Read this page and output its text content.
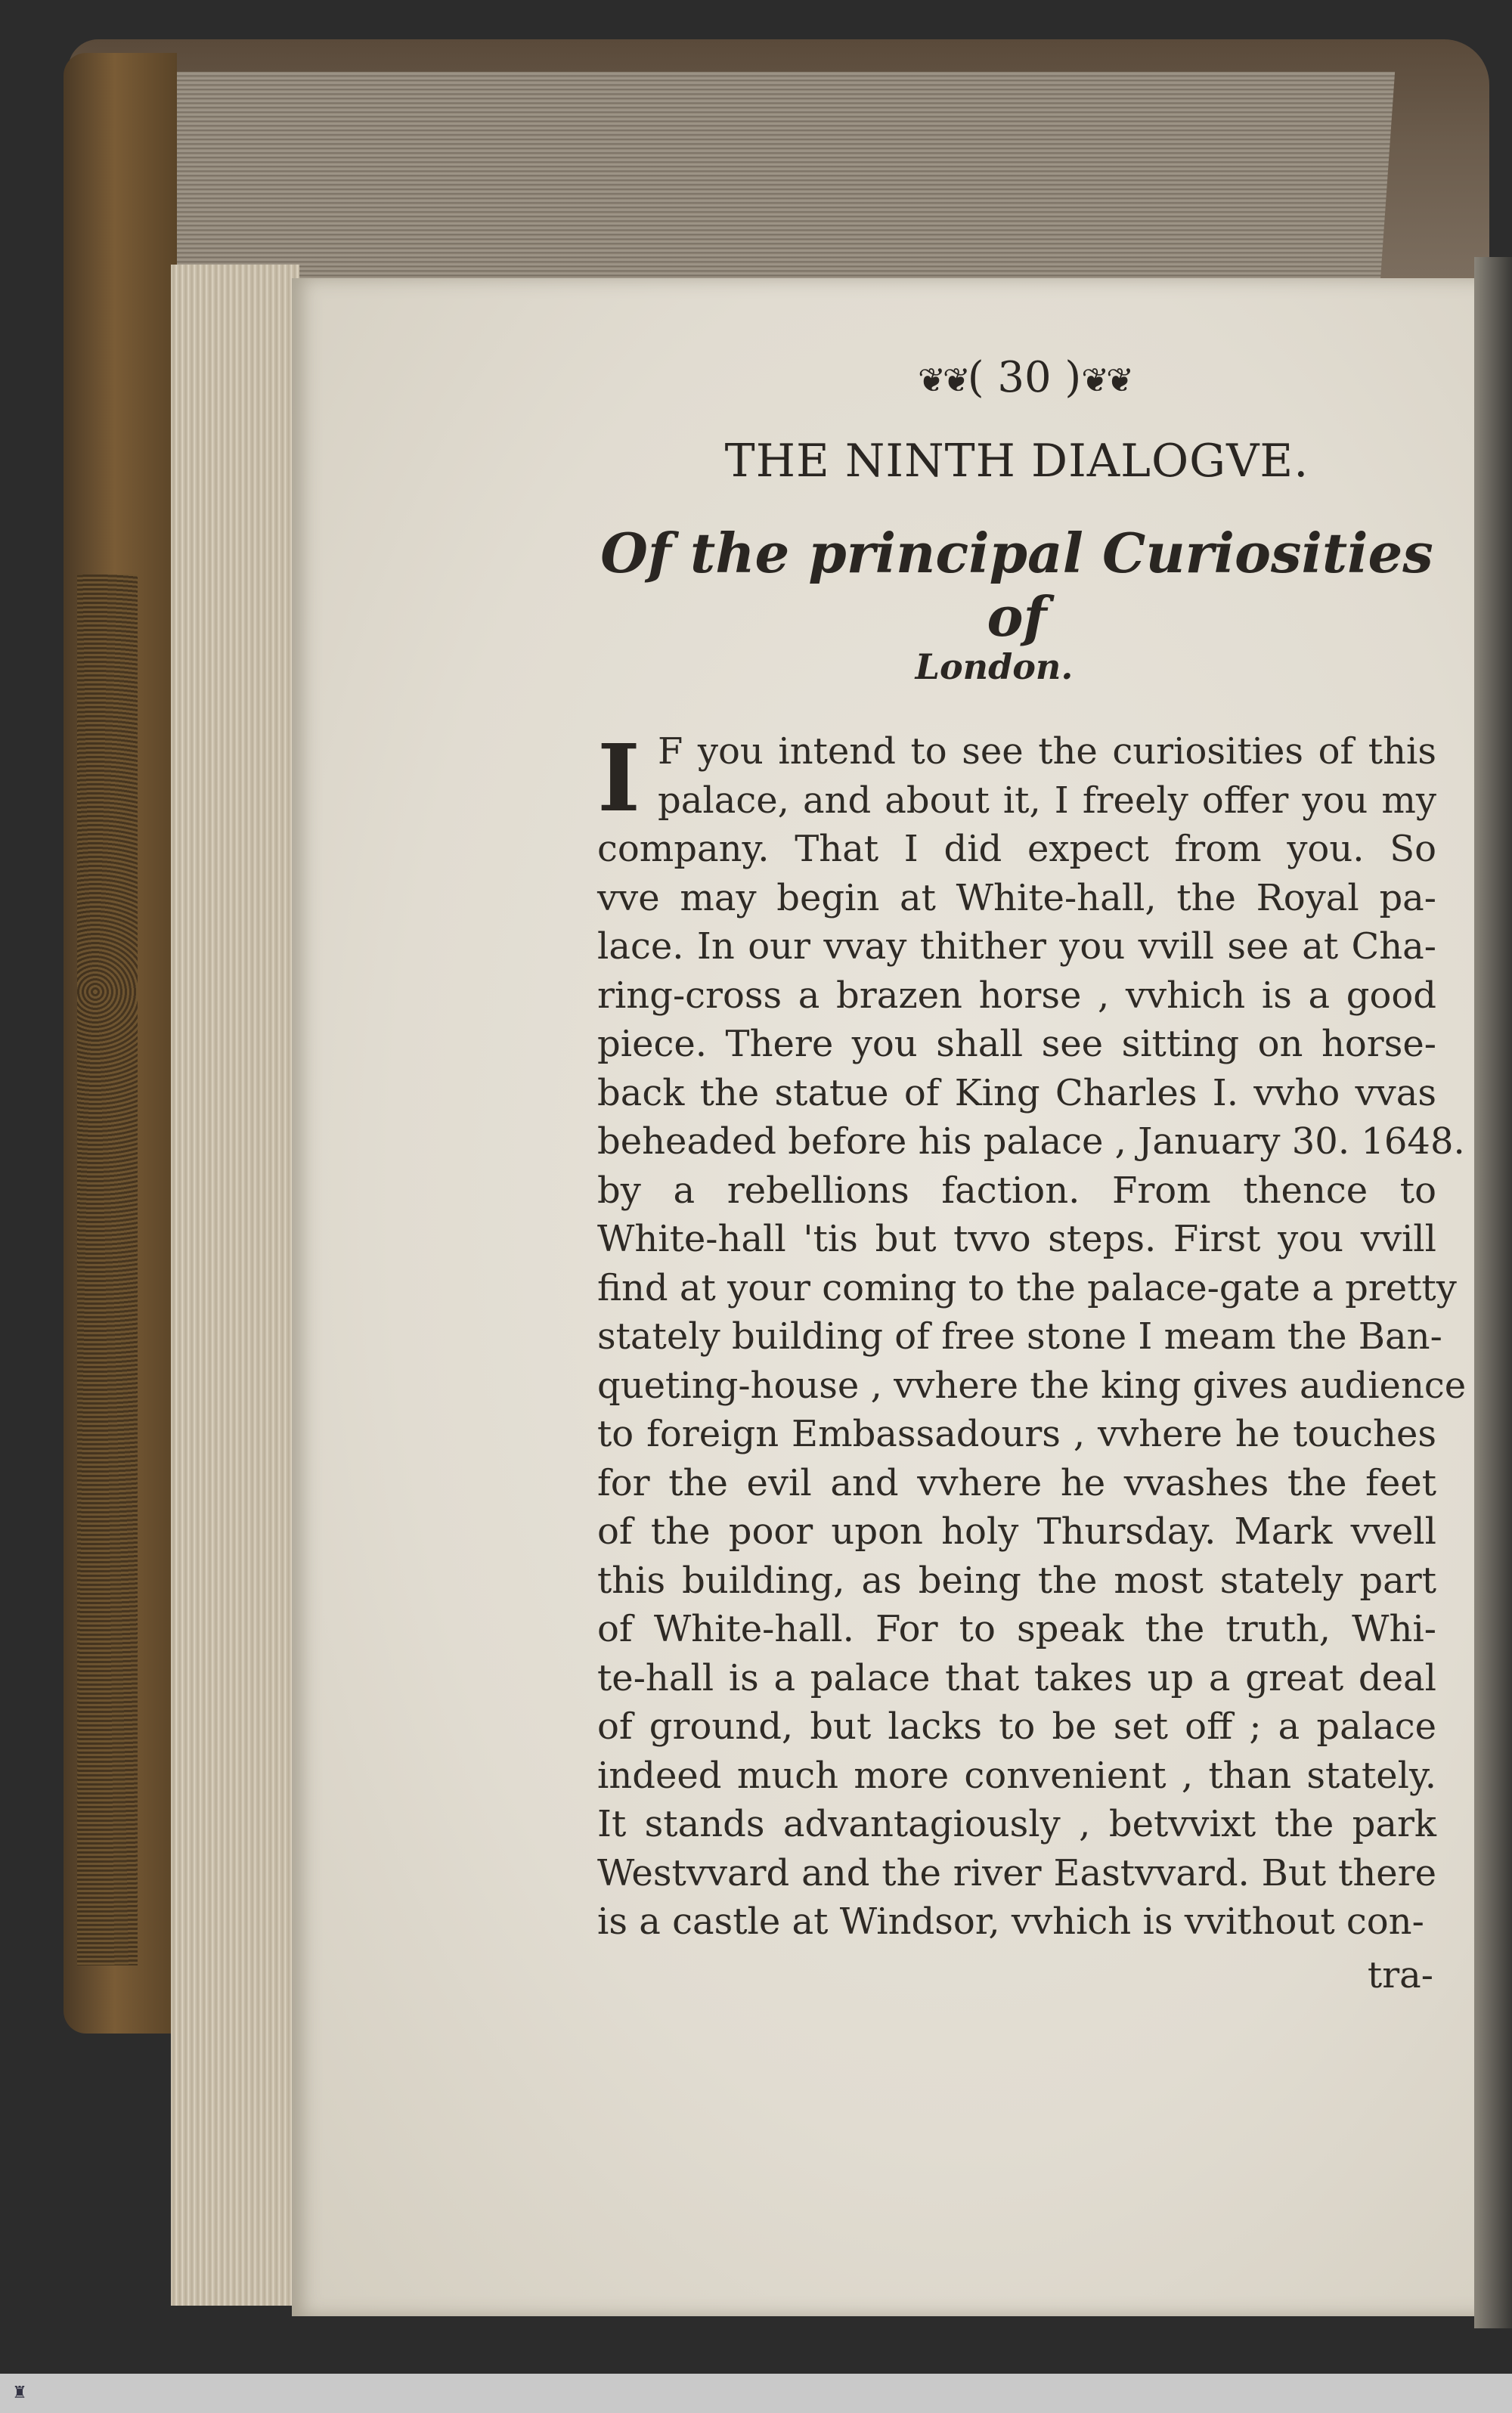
❦❦( 30 )❦❦
THE NINTH DIALOGVE.
Of the principal Curiosities of
London.
I F you intend to see the curiosities of this
palace, and about it, I freely offer you my
company. That I did expect from you. So
vve may begin at White-hall, the Royal pa-
lace. In our vvay thither you vvill see at Cha-
ring-cross a brazen horse , vvhich is a good
piece. There you shall see sitting on horse-
back the statue of King Charles I. vvho vvas
beheaded before his palace , January 30. 1648.
by a rebellions faction. From thence to
White-hall 'tis but tvvo steps. First you vvill
find at your coming to the palace-gate a pretty
stately building of free stone I meam the Ban-
queting-house , vvhere the king gives audience
to foreign Embassadours , vvhere he touches
for the evil and vvhere he vvashes the feet
of the poor upon holy Thursday. Mark vvell
this building, as being the most stately part
of White-hall. For to speak the truth, Whi-
te-hall is a palace that takes up a great deal
of ground, but lacks to be set off ; a palace
indeed much more convenient , than stately.
It stands advantagiously , betvvixt the park
Westvvard and the river Eastvvard. But there
is a castle at Windsor, vvhich is vvithout con-
tra-
♜
